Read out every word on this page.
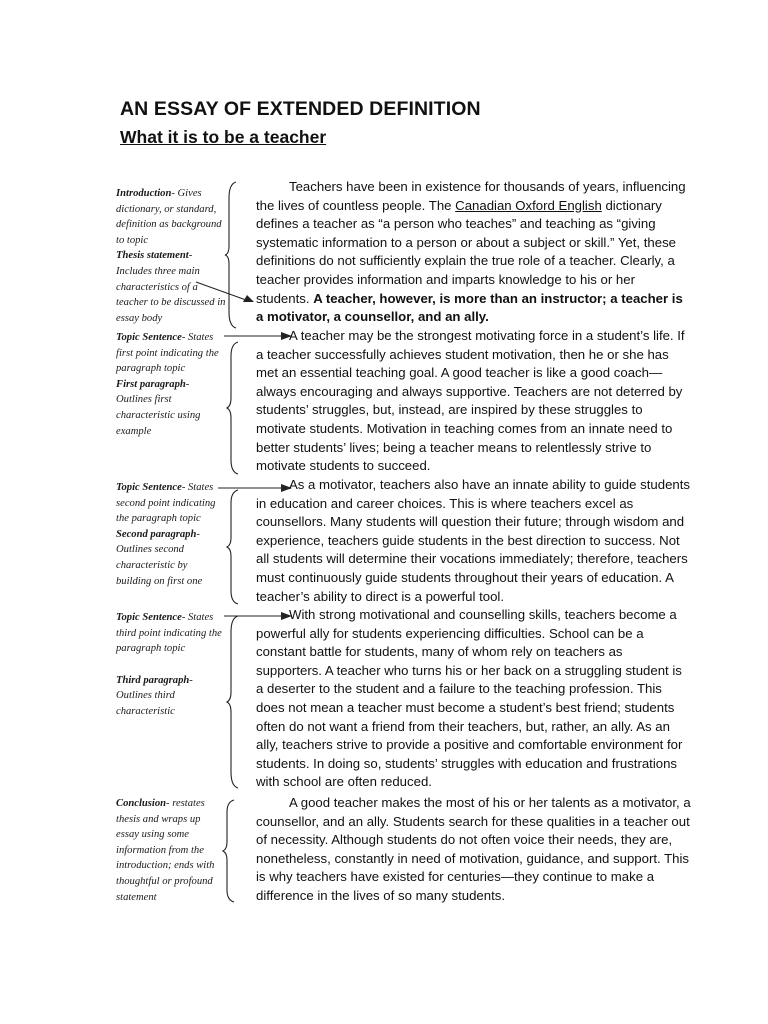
AN ESSAY OF EXTENDED DEFINITION
What it is to be a teacher
Introduction- Gives dictionary, or standard, definition as background to topic
Thesis statement- Includes three main characteristics of a teacher to be discussed in essay body
Topic Sentence- States first point indicating the paragraph topic
First paragraph- Outlines first characteristic using example
Topic Sentence- States second point indicating the paragraph topic
Second paragraph- Outlines second characteristic by building on first one
Topic Sentence- States third point indicating the paragraph topic

Third paragraph- Outlines third characteristic
Conclusion- restates thesis and wraps up essay using some information from the introduction; ends with thoughtful or profound statement

Teachers have been in existence for thousands of years, influencing the lives of countless people. The Canadian Oxford English dictionary defines a teacher as “a person who teaches” and teaching as “giving systematic information to a person or about a subject or skill.” Yet, these definitions do not sufficiently explain the true role of a teacher. Clearly, a teacher provides information and imparts knowledge to his or her students. A teacher, however, is more than an instructor; a teacher is a motivator, a counsellor, and an ally.

A teacher may be the strongest motivating force in a student’s life. If a teacher successfully achieves student motivation, then he or she has met an essential teaching goal. A good teacher is like a good coach—always encouraging and always supportive. Teachers are not deterred by students’ struggles, but, instead, are inspired by these struggles to motivate students. Motivation in teaching comes from an innate need to better students’ lives; being a teacher means to relentlessly strive to motivate students to succeed.

As a motivator, teachers also have an innate ability to guide students in education and career choices. This is where teachers excel as counsellors. Many students will question their future; through wisdom and experience, teachers guide students in the best direction to success. Not all students will determine their vocations immediately; therefore, teachers must continuously guide students throughout their years of education. A teacher’s ability to direct is a powerful tool.

With strong motivational and counselling skills, teachers become a powerful ally for students experiencing difficulties. School can be a constant battle for students, many of whom rely on teachers as supporters. A teacher who turns his or her back on a struggling student is a deserter to the student and a failure to the teaching profession. This does not mean a teacher must become a student’s best friend; students often do not want a friend from their teachers, but, rather, an ally. As an ally, teachers strive to provide a positive and comfortable environment for students. In doing so, students’ struggles with education and frustrations with school are often reduced.

A good teacher makes the most of his or her talents as a motivator, a counsellor, and an ally. Students search for these qualities in a teacher out of necessity. Although students do not often voice their needs, they are, nonetheless, constantly in need of motivation, guidance, and support. This is why teachers have existed for centuries—they continue to make a difference in the lives of so many students.
